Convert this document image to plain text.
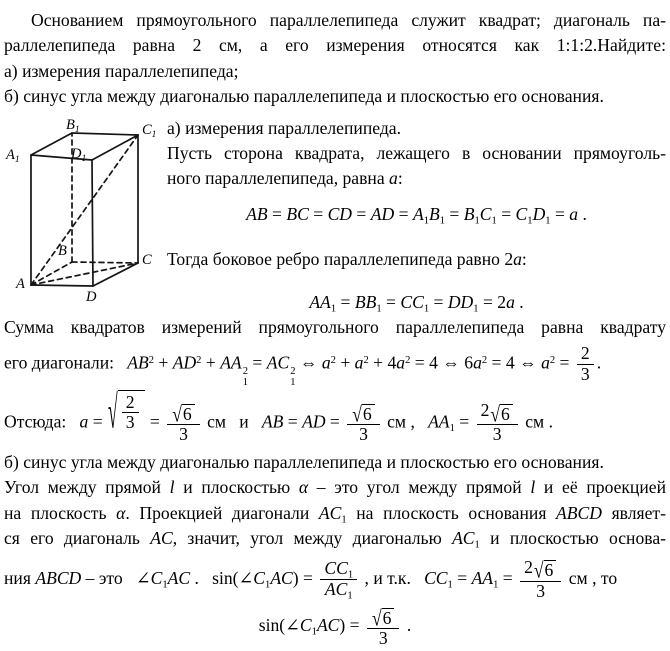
Основанием прямоугольного параллелепипеда служит квадрат; диагональ па-
раллелепипеда равна 2 см, а его измерения относятся как 1:1:2.Найдите:
а) измерения параллелепипеда;
б) синус угла между диагональю параллелепипеда и плоскостью его основания.
$A_1$
$B_1$	$C_1$
$D_1$
A
B
C
D
а) измерения параллелепипеда.
Пусть сторона квадрата, лежащего в основании прямоуголь-
ного параллелепипеда, равна a:
AB = BC = CD = AD = $A_1B_1 = B_1C_1 = C_1D_1 = a$ .
Тогда боковое ребро параллелепипеда равно 2a:
$AA_1 = BB_1 = CC_1 = DD_1 = 2a$ .
Сумма квадратов измерений прямоугольного параллелепипеда равна квадрату
его диагонали:  $AB^2 + AD^2$ + AA 2
1
= AC 2
1
⇔ $a^2 + a^2 + 4a^2 = 4$ ⇔ $6a^2 = 4$ ⇔ $a^2 = \frac{2}{3}$ .
Отсюда:  a = √ $\frac{2}{3} = \frac{√ 6}{3}$ см  и  AB = AD = $\frac{√ 6}{3}$ см ,  $AA_1 = \frac{2 √ 6}{3}$ см .
б) синус угла между диагональю параллелепипеда и плоскостью его основания.
Угол между прямой l и плоскостью α – это угол между прямой l и её проекцией
на плоскость α. Проекцией диагонали $AC_1$ на плоскость основания ABCD являет-
ся его диагональ AC, значит, угол между диагональю $AC_1$ и плоскостью основа-
ния ABCD – это  $\angle C_1AC$ .  $\sin(\angle C_1AC) = \frac{CC_1}{AC_1}$ , и т.к.  $CC_1 = AA_1 = \frac{2 √ 6}{3}$ см , то
$\sin(\angle C_1AC) = \frac{√ 6}{3}$ .
